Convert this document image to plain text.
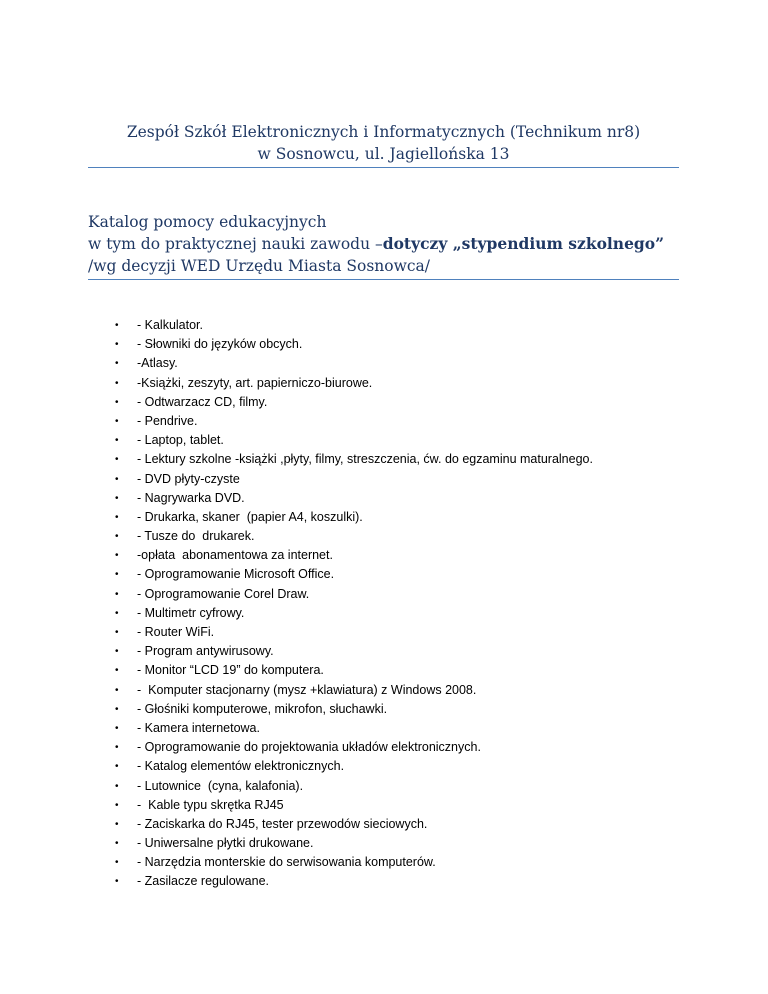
Zespół Szkół Elektronicznych i Informatycznych (Technikum nr8)
w Sosnowcu, ul. Jagiellońska 13
Katalog pomocy edukacyjnych
w tym do praktycznej nauki zawodu –dotyczy „stypendium szkolnego”
/wg decyzji WED Urzędu Miasta Sosnowca/
• - Kalkulator.
• - Słowniki do języków obcych.
• -Atlasy.
• -Książki, zeszyty, art. papierniczo-biurowe.
• - Odtwarzacz CD, filmy.
• - Pendrive.
• - Laptop, tablet.
• - Lektury szkolne -książki ,płyty, filmy, streszczenia, ćw. do egzaminu maturalnego.
• - DVD płyty-czyste
• - Nagrywarka DVD.
• - Drukarka, skaner  (papier A4, koszulki).
• - Tusze do  drukarek.
• -opłata  abonamentowa za internet.
• - Oprogramowanie Microsoft Office.
• - Oprogramowanie Corel Draw.
• - Multimetr cyfrowy.
• - Router WiFi.
• - Program antywirusowy.
• - Monitor “LCD 19” do komputera.
• -  Komputer stacjonarny (mysz +klawiatura) z Windows 2008.
• - Głośniki komputerowe, mikrofon, słuchawki.
• - Kamera internetowa.
• - Oprogramowanie do projektowania układów elektronicznych.
• - Katalog elementów elektronicznych.
• - Lutownice  (cyna, kalafonia).
• -  Kable typu skrętka RJ45
• - Zaciskarka do RJ45, tester przewodów sieciowych.
• - Uniwersalne płytki drukowane.
• - Narzędzia monterskie do serwisowania komputerów.
• - Zasilacze regulowane.
